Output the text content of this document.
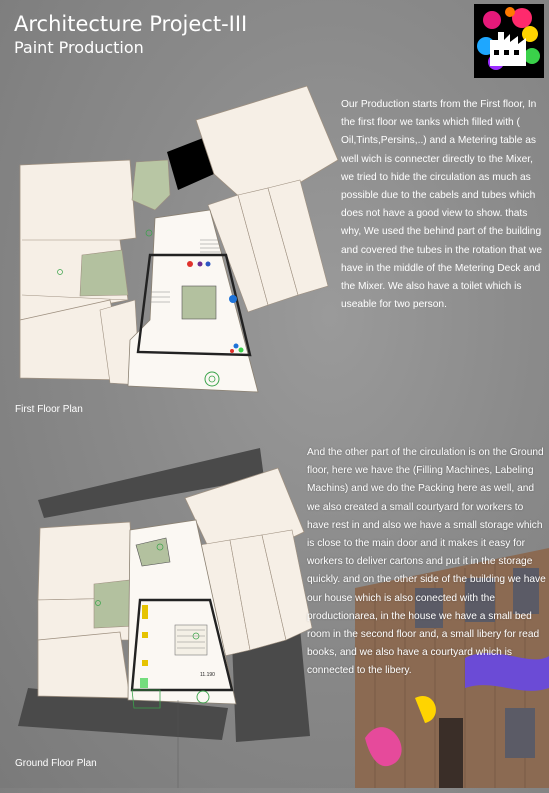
Architecture Project-III
Paint Production
11.190
Our Production starts from the First floor, In the first floor we tanks which filled with ( Oil,Tints,Persins,..) and a Metering table as well wich is connecter directly to the Mixer, we tried to hide the circulation as much as possible due to the cabels and tubes which does not have a good view to show. thats why, We used the behind part of the building and covered the tubes in the rotation that we have in the middle of the Metering Deck and the Mixer. We also have a toilet which is useable for two person.
First Floor Plan
And the other part of the circulation is on the Ground floor, here we have the (Filling Machines, Labeling Machins) and we do the Packing here as well, and we also created a small courtyard for workers to have rest in and also we have a small storage which is close to the main door and it makes it easy for workers to deliver cartons and put it in the storage quickly. and on the other side of the building we have our house which is also conected with the productionarea, in the house we have a small bed room in the second floor and, a small libery for read books, and we also have a courtyard which is connected to the libery.
Ground Floor Plan
